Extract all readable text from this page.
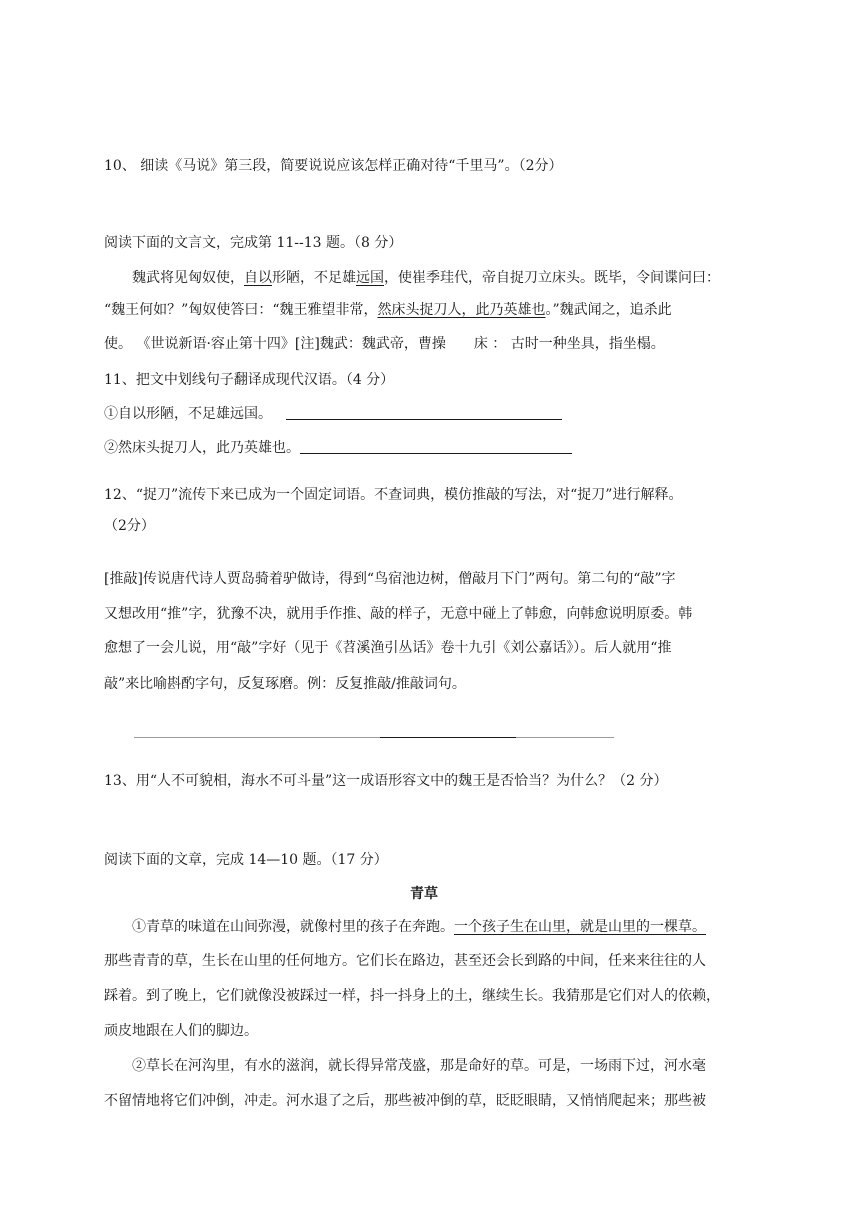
10、 细读《马说》第三段，简要说说应该怎样正确对待“千里马”。（2分）
阅读下面的文言文，完成第 11--13 题。（8 分）
魏武将见匈奴使，自以形陋，不足雄远国，使崔季珪代，帝自捉刀立床头。既毕，令间谍问曰：
“魏王何如？”匈奴使答曰：“魏王雅望非常，然床头捉刀人，此乃英雄也。”魏武闻之，追杀此
使。 《世说新语·容止第十四》[注]魏武：魏武帝，曹操　　床 ： 古时一种坐具，指坐榻。
11、把文中划线句子翻译成现代汉语。（4 分）
①自以形陋，不足雄远国。
②然床头捉刀人，此乃英雄也。
12、“捉刀”流传下来已成为一个固定词语。不查词典，模仿推敲的写法，对“捉刀”进行解释。
（2分）
[推敲]传说唐代诗人贾岛骑着驴做诗，得到“鸟宿池边树，僧敲月下门”两句。第二句的“敲”字
又想改用“推”字，犹豫不决，就用手作推、敲的样子，无意中碰上了韩愈，向韩愈说明原委。韩
愈想了一会儿说，用“敲”字好（见于《苕溪渔引丛话》卷十九引《刘公嘉话》）。后人就用“推
敲”来比喻斟酌字句，反复琢磨。例：反复推敲/推敲词句。
13、用“人不可貌相，海水不可斗量”这一成语形容文中的魏王是否恰当？为什么？（2 分）
阅读下面的文章，完成 14—10 题。（17 分）
青草
①青草的味道在山间弥漫，就像村里的孩子在奔跑。一个孩子生在山里，就是山里的一棵草。
那些青青的草，生长在山里的任何地方。它们长在路边，甚至还会长到路的中间，任来来往往的人
踩着。到了晚上，它们就像没被踩过一样，抖一抖身上的土，继续生长。我猜那是它们对人的依赖，
顽皮地跟在人们的脚边。
②草长在河沟里，有水的滋润，就长得异常茂盛，那是命好的草。可是，一场雨下过，河水毫
不留情地将它们冲倒，冲走。河水退了之后，那些被冲倒的草，眨眨眼睛，又悄悄爬起来；那些被
